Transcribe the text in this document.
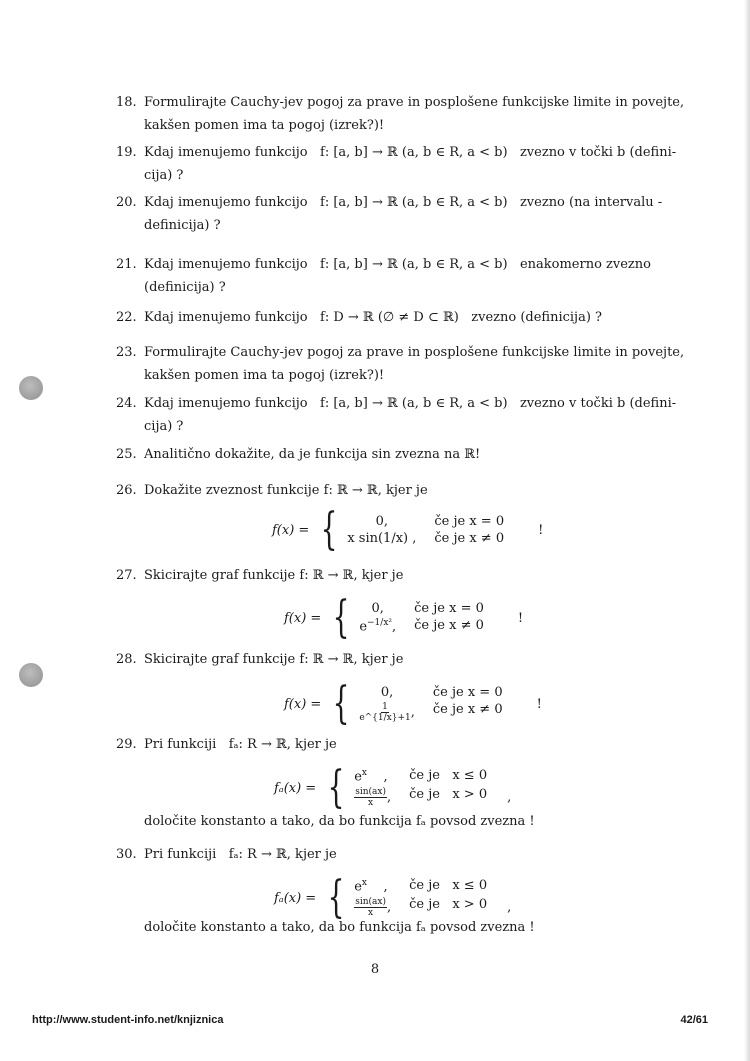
18. Formulirajte Cauchy-jev pogoj za prave in posplošene funkcijske limite in povejte,
kakšen pomen ima ta pogoj (izrek?)!
19. Kdaj imenujemo funkcijo   f: [a, b] → ℝ (a, b ∈ R, a < b)   zvezno v točki b (defini-
cija) ?
20. Kdaj imenujemo funkcijo   f: [a, b] → ℝ (a, b ∈ R, a < b)   zvezno (na intervalu -
definicija) ?
21. Kdaj imenujemo funkcijo   f: [a, b] → ℝ (a, b ∈ R, a < b)   enakomerno zvezno
(definicija) ?
22. Kdaj imenujemo funkcijo   f: D → ℝ (∅ ≠ D ⊂ ℝ)   zvezno (definicija) ?
23. Formulirajte Cauchy-jev pogoj za prave in posplošene funkcijske limite in povejte,
kakšen pomen ima ta pogoj (izrek?)!
24. Kdaj imenujemo funkcijo   f: [a, b] → ℝ (a, b ∈ R, a < b)   zvezno v točki b (defini-
cija) ?
25. Analitično dokažite, da je funkcija sin zvezna na ℝ!
26. Dokažite zveznost funkcije f: ℝ → ℝ, kjer je
27. Skicirajte graf funkcije f: ℝ → ℝ, kjer je
28. Skicirajte graf funkcije f: ℝ → ℝ, kjer je
29. Pri funkciji   fₐ: R → ℝ, kjer je
30. Pri funkciji   fₐ: R → ℝ, kjer je
f(x) = {	0,	če je x = 0
x sin(1/x) , če je x ≠ 0
!
f(x) = {	0,	če je x = 0
$e^{-1/x^2}$, če je x ≠ 0
!
f(x) = {	0,	če je x = 0
$\frac{1}{e\^{}\{1/x\}+1}$ , če je x ≠ 0	!
fₐ(x) = { $e^x$ , če je   x ≤ 0
$\frac{\sin(ax)}{x}$ , če je   x > 0 ,
določite konstanto a tako, da bo funkcija fₐ povsod zvezna !
fₐ(x) = { $e^x$ , če je   x ≤ 0
$\frac{\sin(ax)}{x}$ , če je   x > 0 ,
določite konstanto a tako, da bo funkcija fₐ povsod zvezna !
8
http://www.student-info.net/knjiznica	42/61
